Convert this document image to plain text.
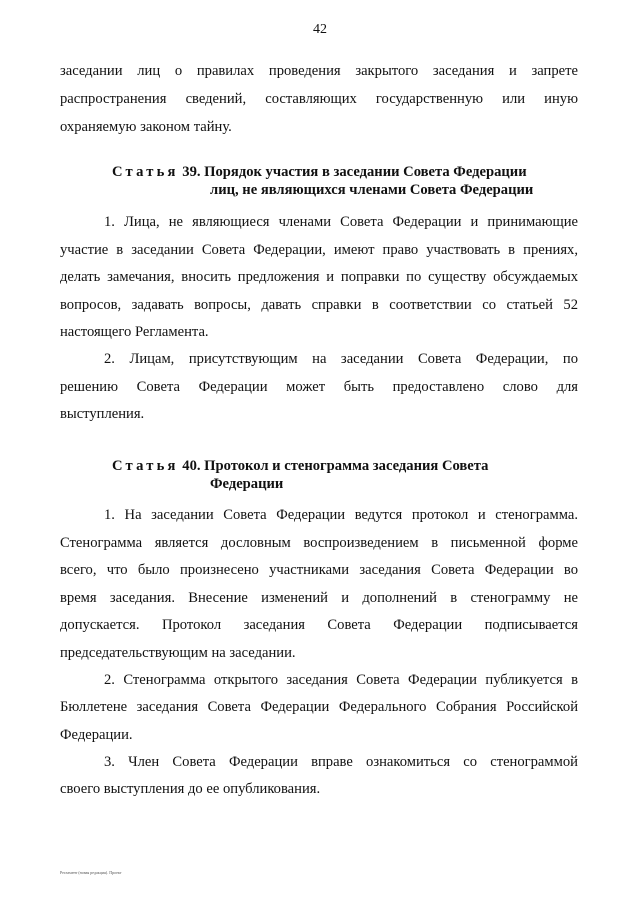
42
заседании лиц о правилах проведения закрытого заседания и запрете
распространения сведений, составляющих государственную или иную
охраняемую законом тайну.
Статья 39. Порядок участия в заседании Совета Федерации
лиц, не являющихся членами Совета Федерации
1. Лица, не являющиеся членами Совета Федерации и принимающие
участие в заседании Совета Федерации, имеют право участвовать в прениях,
делать замечания, вносить предложения и поправки по существу обсуждаемых
вопросов, задавать вопросы, давать справки в соответствии со статьей 52
настоящего Регламента.
2. Лицам, присутствующим на заседании Совета Федерации, по
решению Совета Федерации может быть предоставлено слово для
выступления.
Статья 40. Протокол и стенограмма заседания Совета
Федерации
1. На заседании Совета Федерации ведутся протокол и стенограмма.
Стенограмма является дословным воспроизведением в письменной форме
всего, что было произнесено участниками заседания Совета Федерации во
время заседания. Внесение изменений и дополнений в стенограмму не
допускается. Протокол заседания Совета Федерации подписывается
председательствующим на заседании.
2. Стенограмма открытого заседания Совета Федерации публикуется в
Бюллетене заседания Совета Федерации Федерального Собрания Российской
Федерации.
3. Член Совета Федерации вправе ознакомиться со стенограммой
своего выступления до ее опубликования.
Регламент (новая редакция). Проект
